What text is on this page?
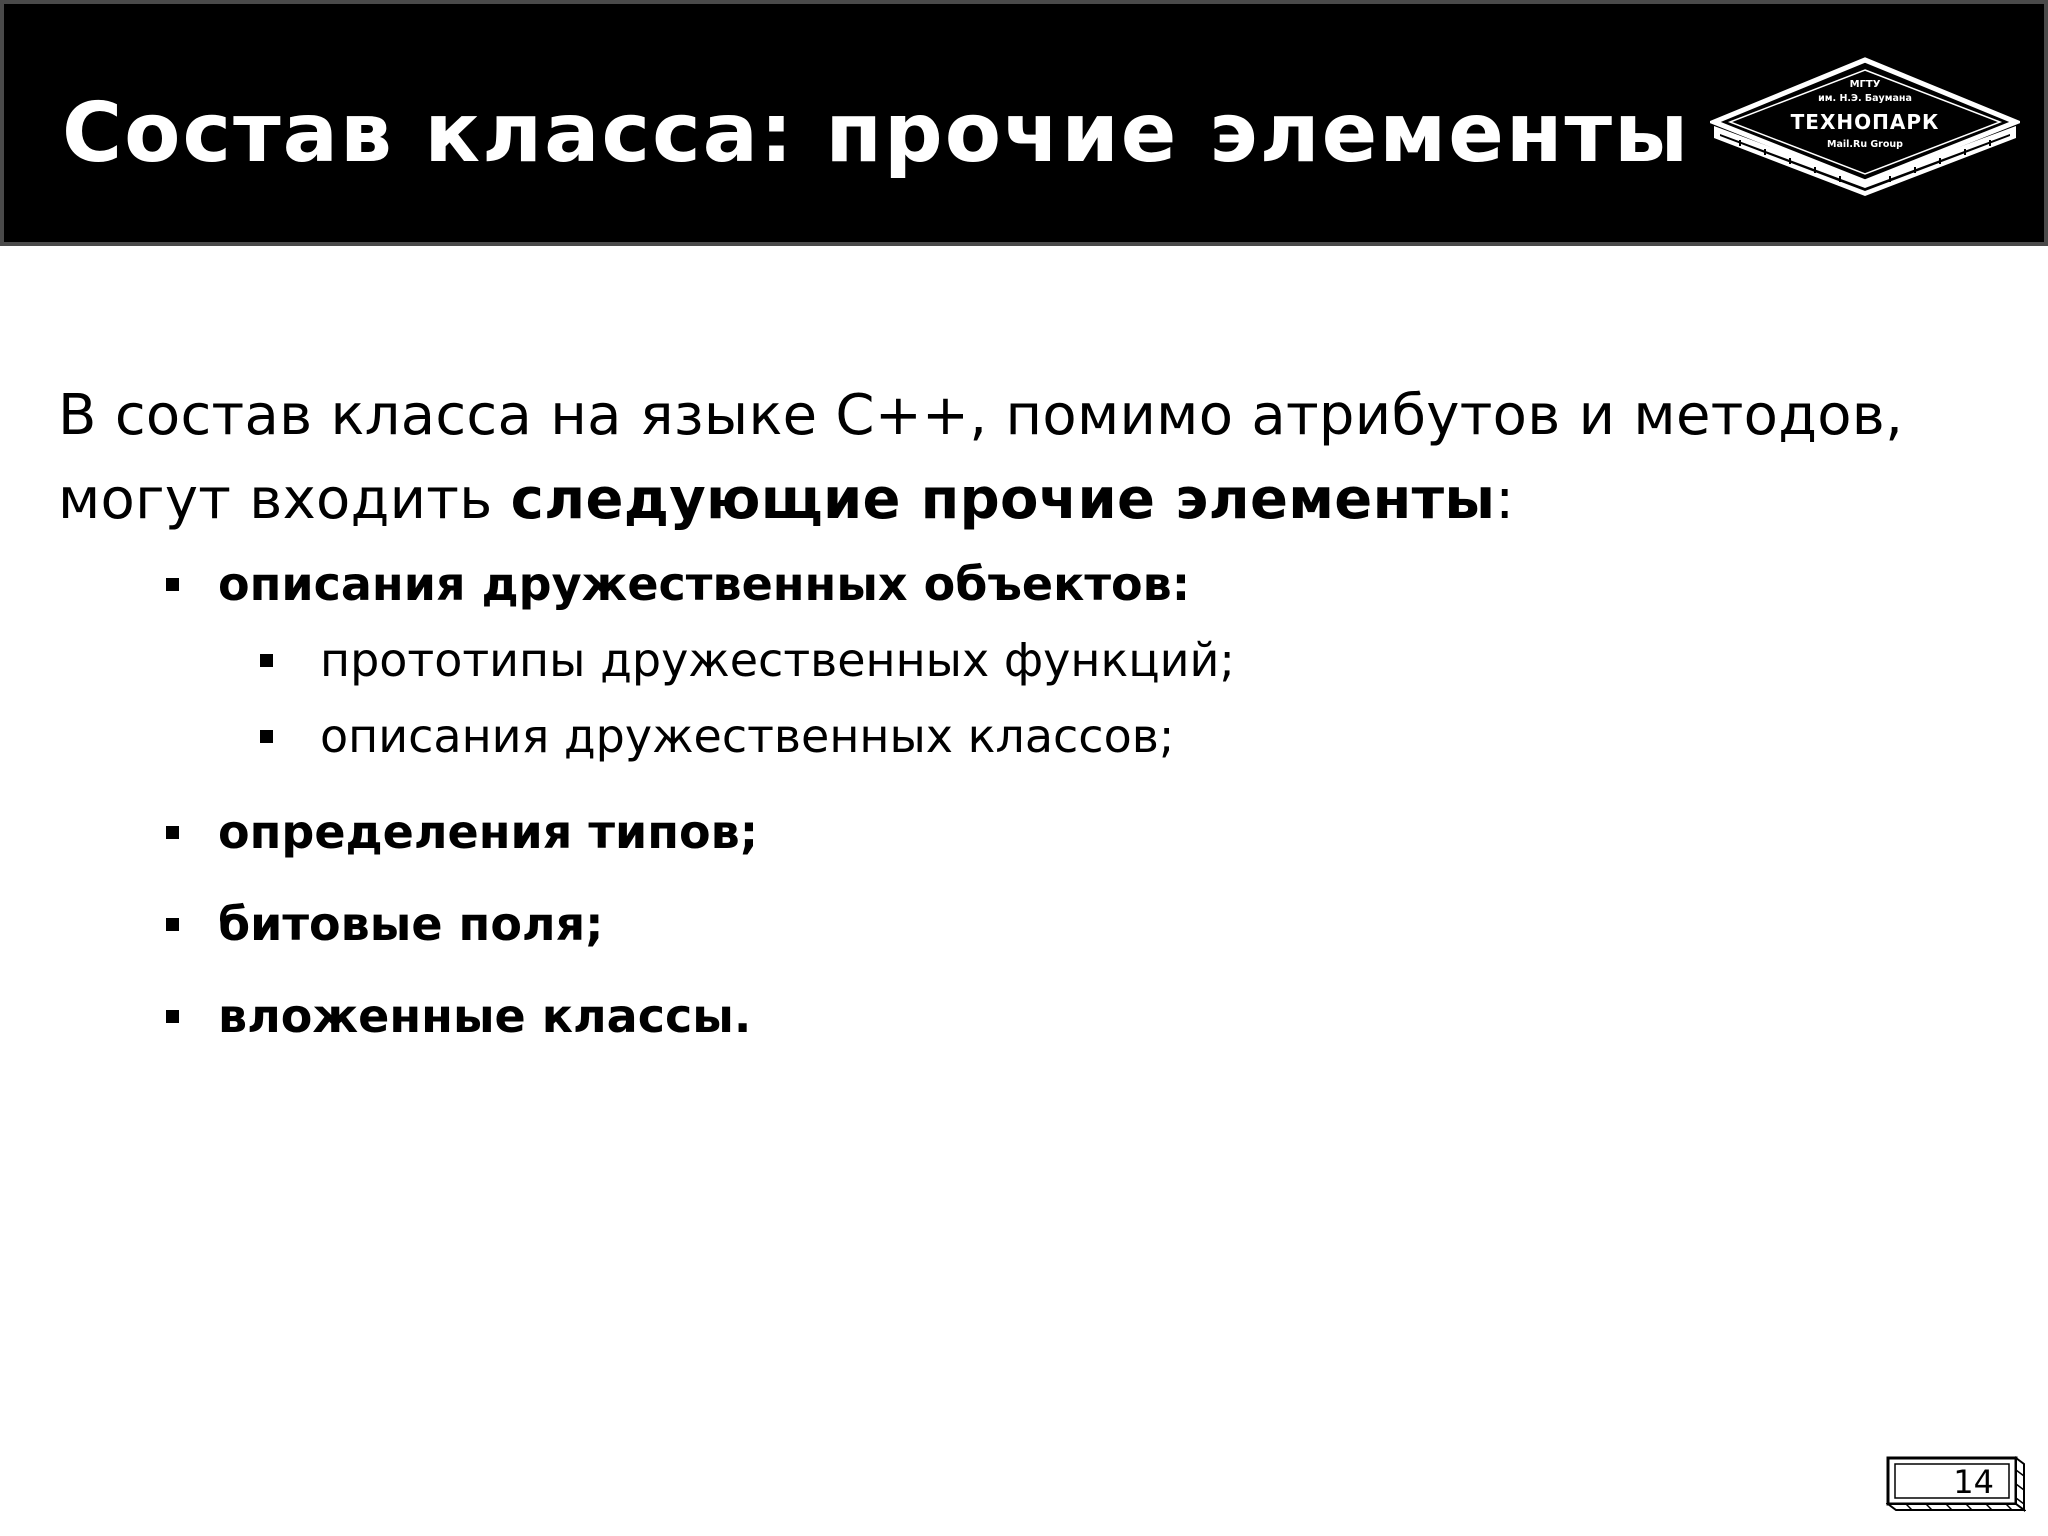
Состав класса: прочие элементы
МГТУ
им. Н.Э. Баумана
ТЕХНОПАРК
Mail.Ru Group

В состав класса на языке С++, помимо атрибутов и методов, могут входить следующие прочие элементы:

описания дружественных объектов:
прототипы дружественных функций;
описания дружественных классов;
определения типов;
битовые поля;
вложенные классы.
14
